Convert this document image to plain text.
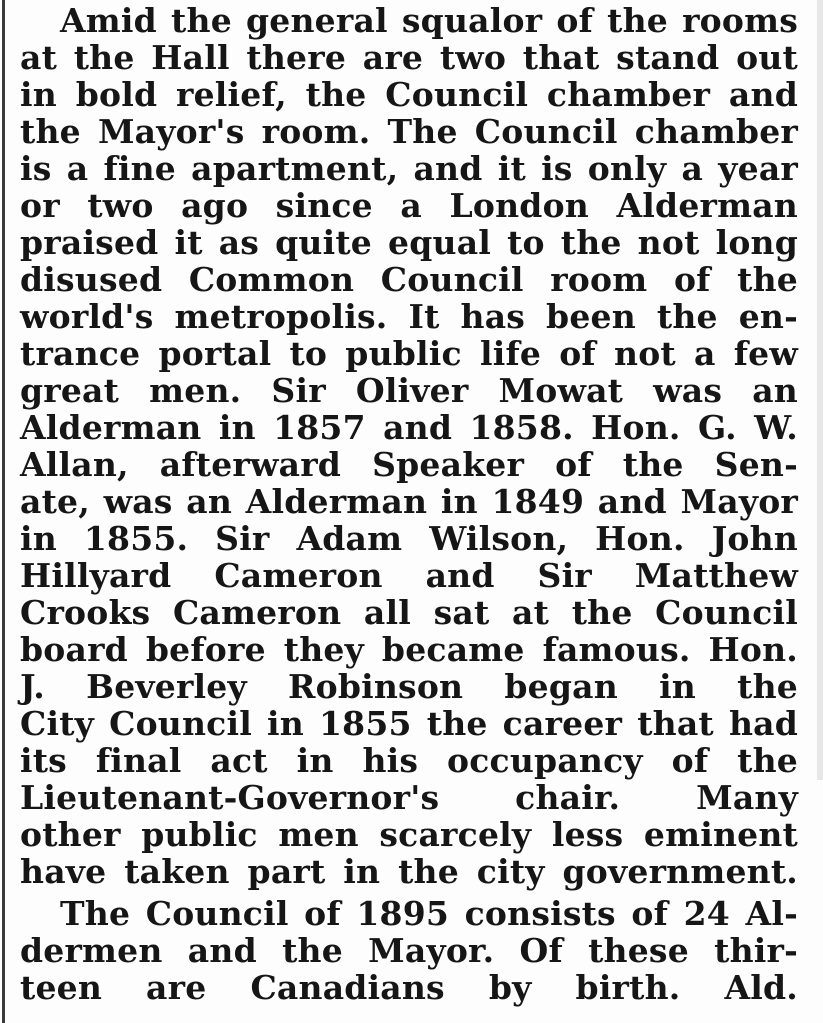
Amid the general squalor of the rooms
at the Hall there are two that stand out
in bold relief, the Council chamber and
the Mayor's room. The Council chamber
is a fine apartment, and it is only a year
or two ago since a London Alderman
praised it as quite equal to the not long
disused Common Council room of the
world's metropolis. It has been the en-
trance portal to public life of not a few
great men. Sir Oliver Mowat was an
Alderman in 1857 and 1858. Hon. G. W.
Allan, afterward Speaker of the Sen-
ate, was an Alderman in 1849 and Mayor
in 1855. Sir Adam Wilson, Hon. John
Hillyard Cameron and Sir Matthew
Crooks Cameron all sat at the Council
board before they became famous. Hon.
J. Beverley Robinson began in the
City Council in 1855 the career that had
its final act in his occupancy of the
Lieutenant-Governor's chair. Many
other public men scarcely less eminent
have taken part in the city government.
The Council of 1895 consists of 24 Al-
dermen and the Mayor. Of these thir-
teen are Canadians by birth. Ald.
